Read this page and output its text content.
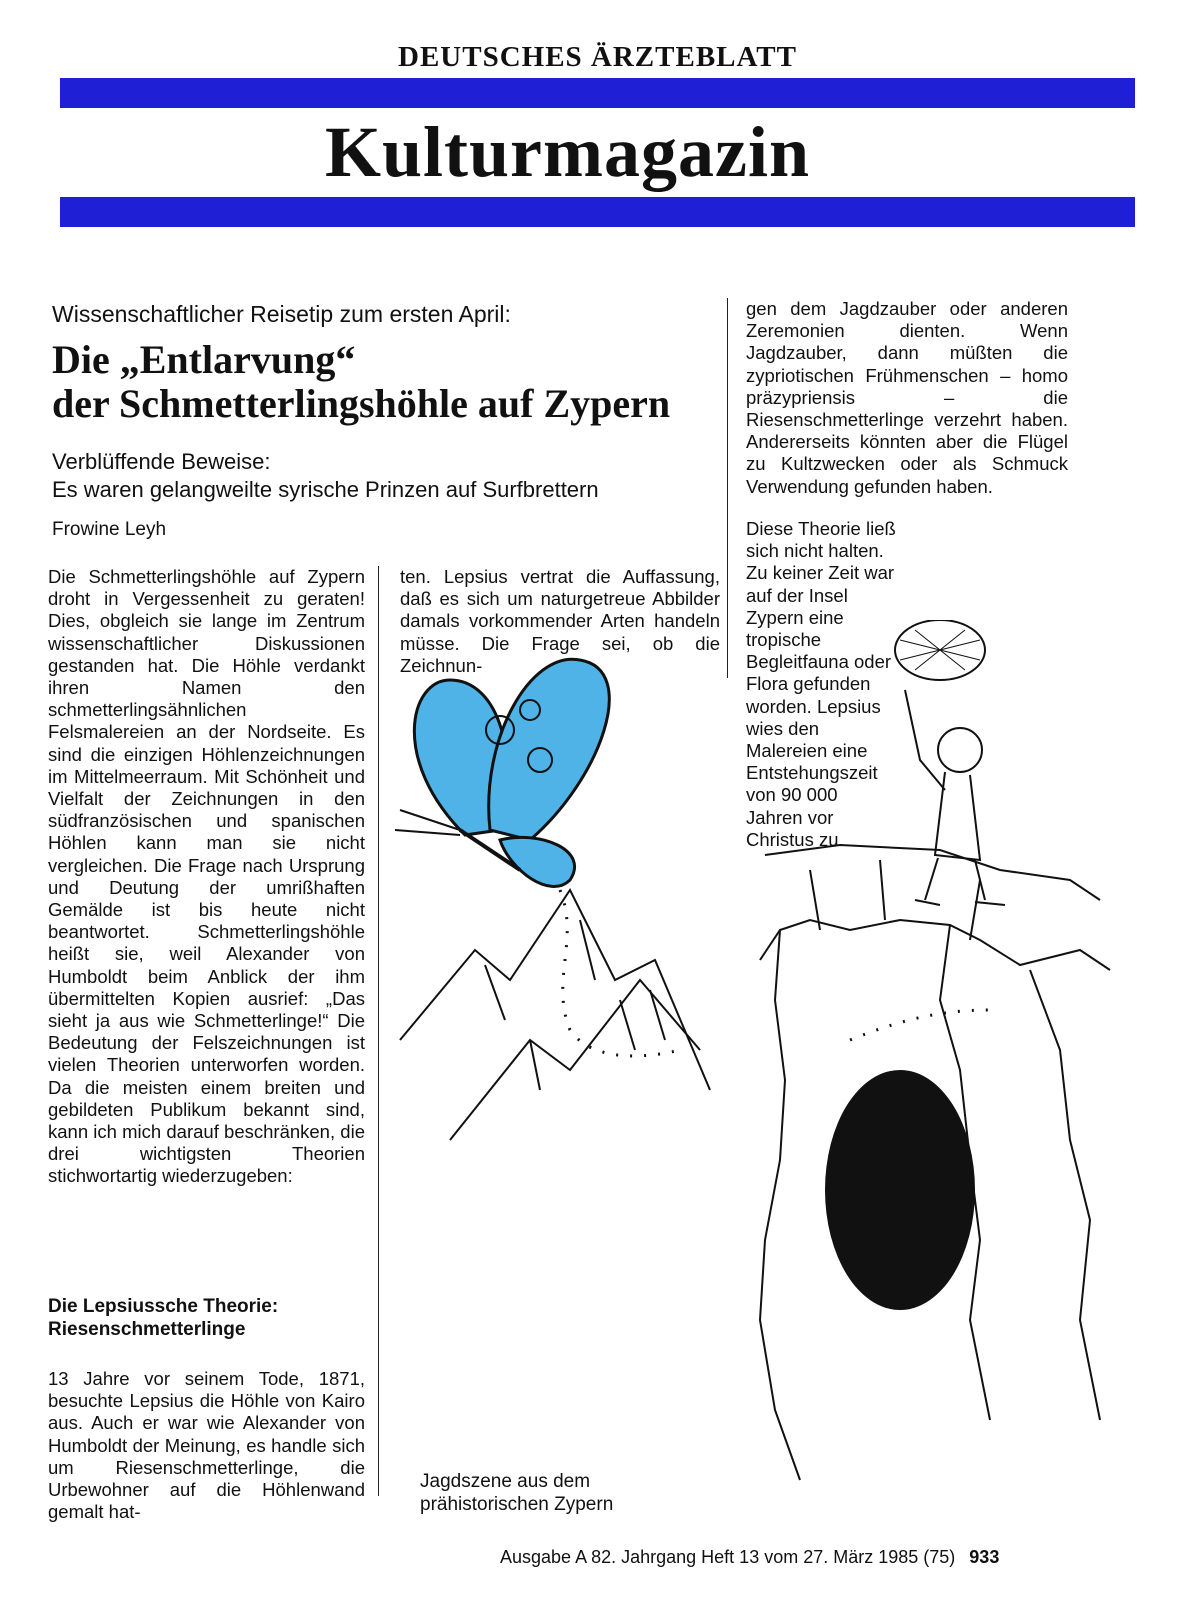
DEUTSCHES ÄRZTEBLATT
Kulturmagazin
Wissenschaftlicher Reisetip zum ersten April:
Die „Entlarvung“
der Schmetterlingshöhle auf Zypern
Verblüffende Beweise:
Es waren gelangweilte syrische Prinzen auf Surfbrettern
Frowine Leyh

Die Schmetterlingshöhle auf Zypern droht in Vergessenheit zu geraten! Dies, obgleich sie lange im Zentrum wissenschaftlicher Diskussionen gestanden hat. Die Höhle verdankt ihren Namen den schmetterlingsähnlichen Felsmalereien an der Nordseite. Es sind die einzigen Höhlenzeichnungen im Mittelmeerraum. Mit Schönheit und Vielfalt der Zeichnungen in den südfranzösischen und spanischen Höhlen kann man sie nicht vergleichen. Die Frage nach Ursprung und Deutung der umrißhaften Gemälde ist bis heute nicht beantwortet. Schmetterlingshöhle heißt sie, weil Alexander von Humboldt beim Anblick der ihm übermittelten Kopien ausrief: „Das sieht ja aus wie Schmetterlinge!“ Die Bedeutung der Felszeichnungen ist vielen Theorien unterworfen worden. Da die meisten einem breiten und gebildeten Publikum bekannt sind, kann ich mich darauf beschränken, die drei wichtigsten Theorien stichwortartig wiederzugeben:

Die Lepsiussche Theorie:
Riesenschmetterlinge

13 Jahre vor seinem Tode, 1871, besuchte Lepsius die Höhle von Kairo aus. Auch er war wie Alexander von Humboldt der Meinung, es handle sich um Riesenschmetterlinge, die Urbewohner auf die Höhlenwand gemalt hat-

ten. Lepsius vertrat die Auffassung, daß es sich um naturgetreue Abbilder damals vorkommender Arten handeln müsse. Die Frage sei, ob die Zeichnun-

gen dem Jagdzauber oder anderen Zeremonien dienten. Wenn Jagdzauber, dann müßten die zypriotischen Frühmenschen – homo präzypriensis – die Riesenschmetterlinge verzehrt haben. Andererseits könnten aber die Flügel zu Kultzwecken oder als Schmuck Verwendung gefunden haben.

Diese Theorie ließ sich nicht halten. Zu keiner Zeit war auf der Insel Zypern eine tropische Begleitfauna oder Flora gefunden worden. Lepsius wies den Malereien eine Entstehungszeit von 90 000 Jahren vor Christus zu.

Jagdszene aus dem
prähistorischen Zypern
Ausgabe A 82. Jahrgang Heft 13 vom 27. März 1985 (75) 933
